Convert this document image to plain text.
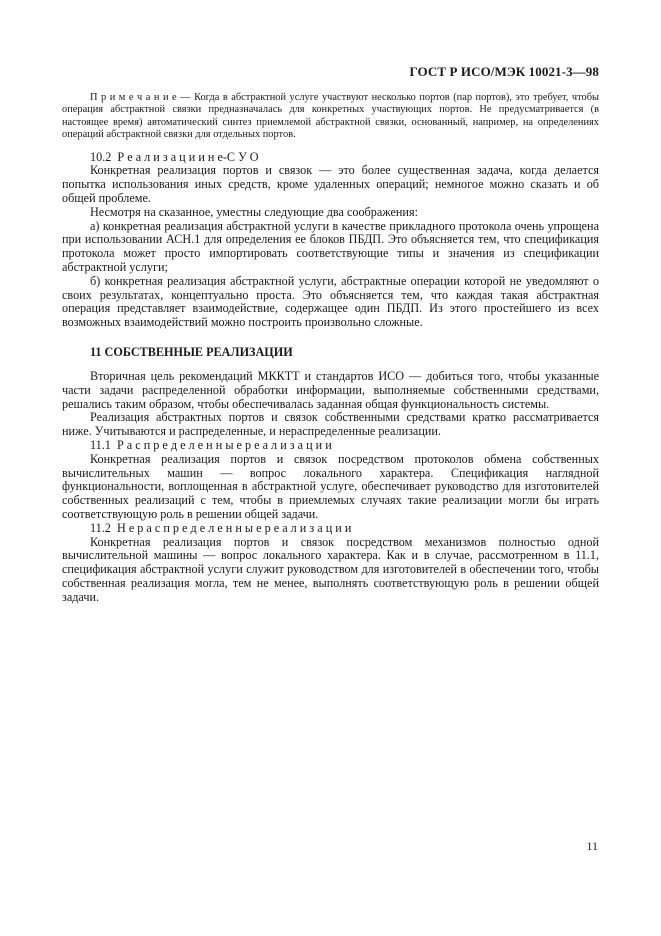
ГОСТ Р ИСО/МЭК 10021-3—98

П р и м е ч а н и е — Когда в абстрактной услуге участвуют несколько портов (пар портов), это требует, чтобы операция абстрактной связки предназначалась для конкретных участвующих портов. Не предусматривается (в настоящее время) автоматический синтез приемлемой абстрактной связки, основанный, например, на определениях операций абстрактной связки для отдельных портов.

10.2 Р е а л и з а ц и и н е-С У О

Конкретная реализация портов и связок — это более существенная задача, когда делается попытка использования иных средств, кроме удаленных операций; немногое можно сказать и об общей проблеме.

Несмотря на сказанное, уместны следующие два соображения:

а) конкретная реализация абстрактной услуги в качестве прикладного протокола очень упрощена при использовании АСН.1 для определения ее блоков ПБДП. Это объясняется тем, что спецификация протокола может просто импортировать соответствующие типы и значения из спецификации абстрактной услуги;

б) конкретная реализация абстрактной услуги, абстрактные операции которой не уведомляют о своих результатах, концептуально проста. Это объясняется тем, что каждая такая абстрактная операция представляет взаимодействие, содержащее один ПБДП. Из этого простейшего из всех возможных взаимодействий можно построить произвольно сложные.

11 СОБСТВЕННЫЕ РЕАЛИЗАЦИИ

Вторичная цель рекомендаций МККТТ и стандартов ИСО — добиться того, чтобы указанные части задачи распределенной обработки информации, выполняемые собственными средствами, решались таким образом, чтобы обеспечивалась заданная общая функциональность системы.

Реализация абстрактных портов и связок собственными средствами кратко рассматривается ниже. Учитываются и распределенные, и нераспределенные реализации.

11.1 Р а с п р е д е л е н н ы е р е а л и з а ц и и

Конкретная реализация портов и связок посредством протоколов обмена собственных вычислительных машин — вопрос локального характера. Спецификация наглядной функциональности, воплощенная в абстрактной услуге, обеспечивает руководство для изготовителей собственных реализаций с тем, чтобы в приемлемых случаях такие реализации могли бы играть соответствующую роль в решении общей задачи.

11.2 Н е р а с п р е д е л е н н ы е р е а л и з а ц и и

Конкретная реализация портов и связок посредством механизмов полностью одной вычислительной машины — вопрос локального характера. Как и в случае, рассмотренном в 11.1, спецификация абстрактной услуги служит руководством для изготовителей в обеспечении того, чтобы собственная реализация могла, тем не менее, выполнять соответствующую роль в решении общей задачи.

11
